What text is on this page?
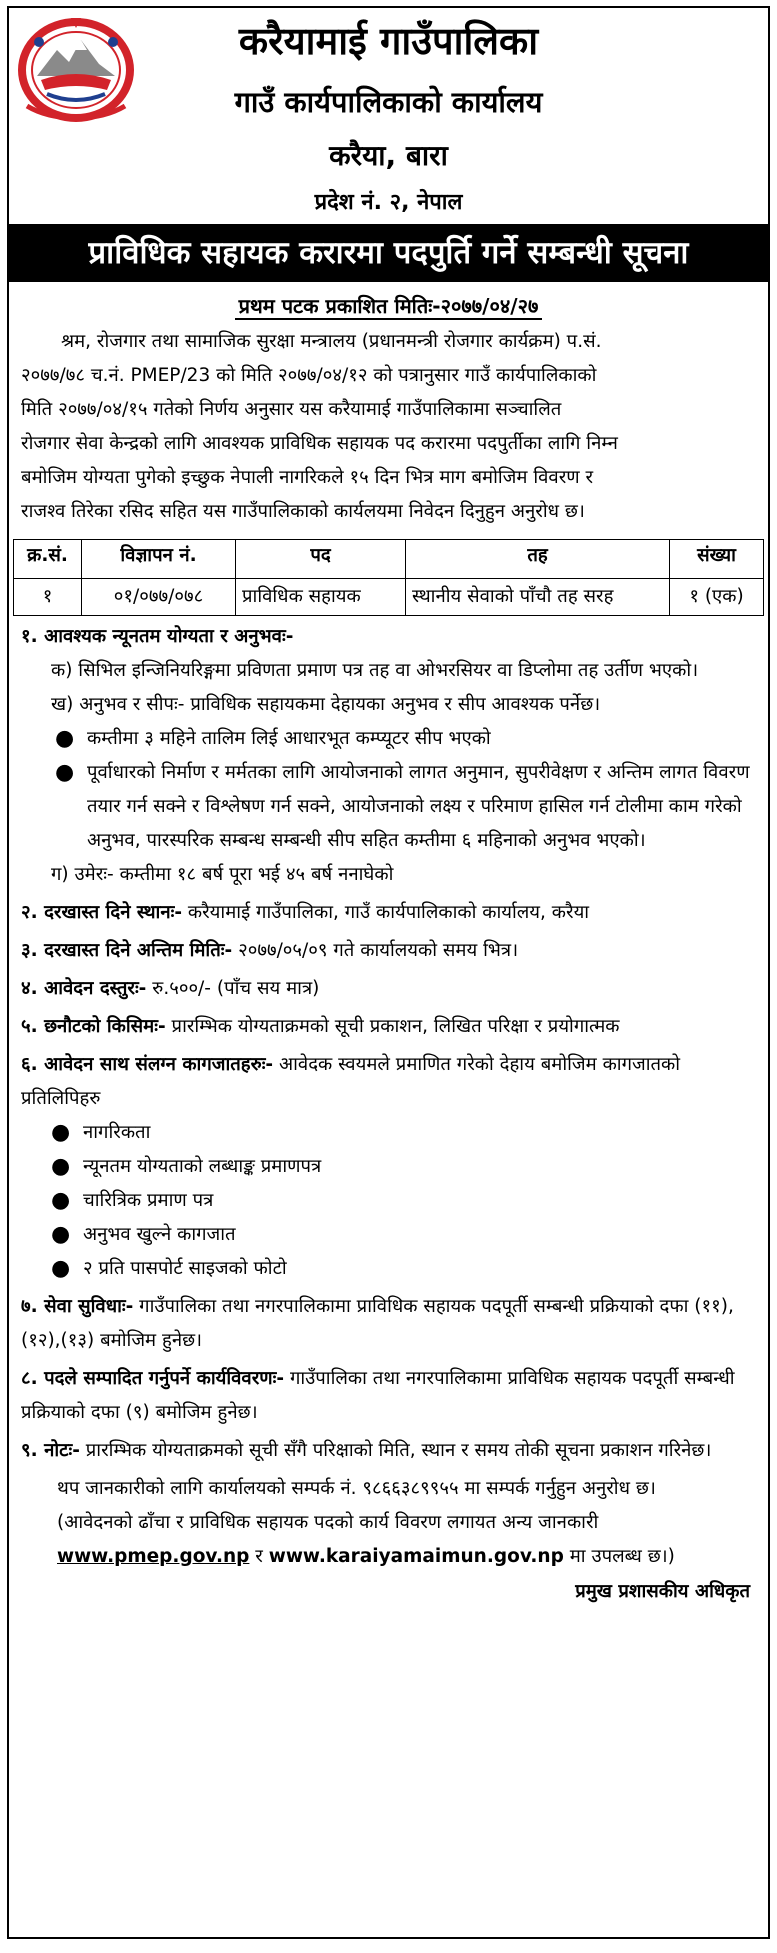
करैयामाई गाउँपालिका
गाउँ कार्यपालिकाको कार्यालय
करैया, बारा
प्रदेश नं. २, नेपाल
प्राविधिक सहायक करारमा पदपुर्ति गर्ने सम्बन्धी सूचना
प्रथम पटक प्रकाशित मितिः-२०७७/०४/२७
श्रम, रोजगार तथा सामाजिक सुरक्षा मन्त्रालय (प्रधानमन्त्री रोजगार कार्यक्रम) प.सं.
२०७७/७८ च.नं. PMEP/23 को मिति २०७७/०४/१२ को पत्रानुसार गाउँ कार्यपालिकाको
मिति २०७७/०४/१५ गतेको निर्णय अनुसार यस करैयामाई गाउँपालिकामा सञ्चालित
रोजगार सेवा केन्द्रको लागि आवश्यक प्राविधिक सहायक पद करारमा पदपुर्तीका लागि निम्न
बमोजिम योग्यता पुगेको इच्छुक नेपाली नागरिकले १५ दिन भित्र माग बमोजिम विवरण र
राजश्व तिरेका रसिद सहित यस गाउँपालिकाको कार्यलयमा निवेदन दिनुहुन अनुरोध छ।
क्र.सं.	विज्ञापन नं.	पद	तह	संख्या
१	०१/०७७/०७८	प्राविधिक सहायक	स्थानीय सेवाको पाँचौ तह सरह	१ (एक)
१. आवश्यक न्यूनतम योग्यता र अनुभवः-
क) सिभिल इन्जिनियरिङ्गमा प्रविणता प्रमाण पत्र तह वा ओभरसियर वा डिप्लोमा तह उर्तीण भएको।
ख) अनुभव र सीपः- प्राविधिक सहायकमा देहायका अनुभव र सीप आवश्यक पर्नेछ।
● कम्तीमा ३ महिने तालिम लिई आधारभूत कम्प्यूटर सीप भएको
● पूर्वाधारको निर्माण र मर्मतका लागि आयोजनाको लागत अनुमान, सुपरीवेक्षण र अन्तिम लागत विवरण तयार गर्न सक्ने र विश्लेषण गर्न सक्ने, आयोजनाको लक्ष्य र परिमाण हासिल गर्न टोलीमा काम गरेको अनुभव, पारस्परिक सम्बन्ध सम्बन्धी सीप सहित कम्तीमा ६ महिनाको अनुभव भएको।
ग) उमेरः- कम्तीमा १८ बर्ष पूरा भई ४५ बर्ष ननाघेको
२. दरखास्त दिने स्थानः- करैयामाई गाउँपालिका, गाउँ कार्यपालिकाको कार्यालय, करैया
३. दरखास्त दिने अन्तिम मितिः- २०७७/०५/०९ गते कार्यालयको समय भित्र।
४. आवेदन दस्तुरः- रु.५००/- (पाँच सय मात्र)
५. छनौटको किसिमः- प्रारम्भिक योग्यताक्रमको सूची प्रकाशन, लिखित परिक्षा र प्रयोगात्मक
६. आवेदन साथ संलग्न कागजातहरुः- आवेदक स्वयमले प्रमाणित गरेको देहाय बमोजिम कागजातको प्रतिलिपिहरु
● नागरिकता
● न्यूनतम योग्यताको लब्धाङ्क प्रमाणपत्र
● चारित्रिक प्रमाण पत्र
● अनुभव खुल्ने कागजात
● २ प्रति पासपोर्ट साइजको फोटो
७. सेवा सुविधाः- गाउँपालिका तथा नगरपालिकामा प्राविधिक सहायक पदपूर्ती सम्बन्धी प्रक्रियाको दफा (११),(१२),(१३) बमोजिम हुनेछ।
८. पदले सम्पादित गर्नुपर्ने कार्यविवरणः- गाउँपालिका तथा नगरपालिकामा प्राविधिक सहायक पदपूर्ती सम्बन्धी प्रक्रियाको दफा (९) बमोजिम हुनेछ।
९. नोटः- प्रारम्भिक योग्यताक्रमको सूची सँगै परिक्षाको मिति, स्थान र समय तोकी सूचना प्रकाशन गरिनेछ।
थप जानकारीको लागि कार्यालयको सम्पर्क नं. ९८६६३८९९५५ मा सम्पर्क गर्नुहुन अनुरोध छ।
(आवेदनको ढाँचा र प्राविधिक सहायक पदको कार्य विवरण लगायत अन्य जानकारी
www.pmep.gov.np र www.karaiyamaimun.gov.np मा उपलब्ध छ।)
प्रमुख प्रशासकीय अधिकृत
